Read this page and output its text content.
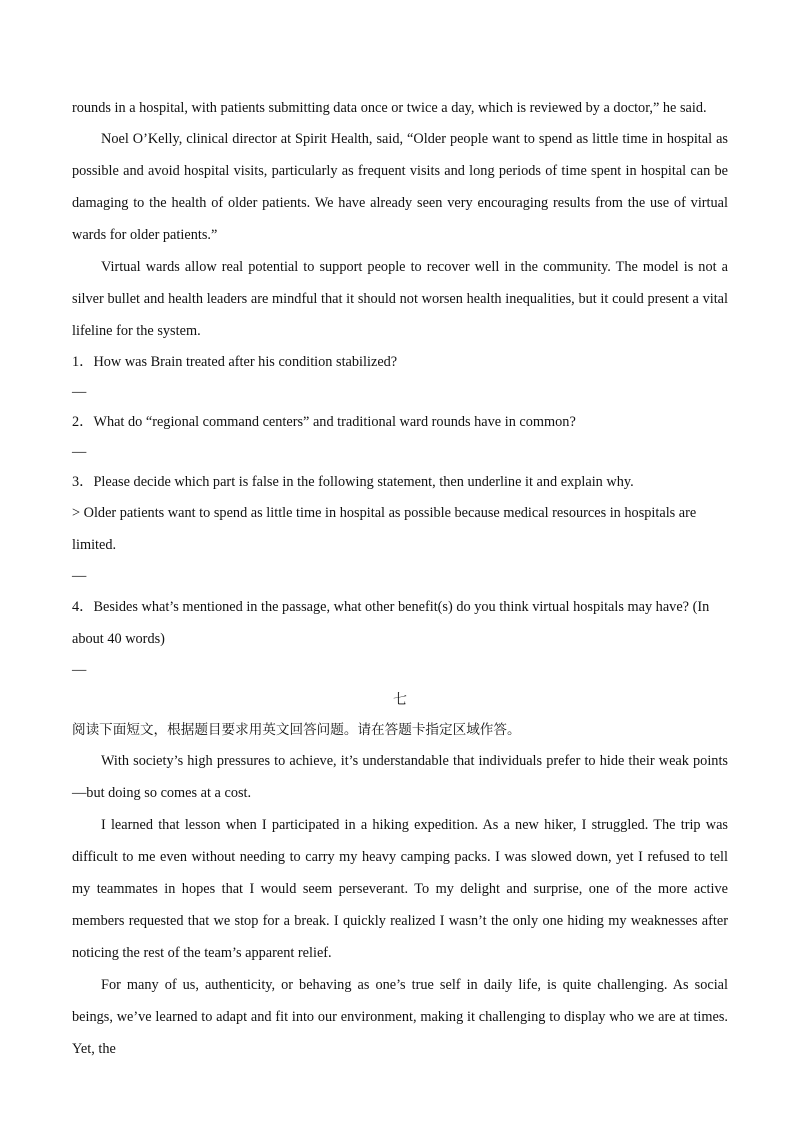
rounds in a hospital, with patients submitting data once or twice a day, which is reviewed by a doctor,” he said.

Noel O’Kelly, clinical director at Spirit Health, said, “Older people want to spend as little time in hospital as possible and avoid hospital visits, particularly as frequent visits and long periods of time spent in hospital can be damaging to the health of older patients. We have already seen very encouraging results from the use of virtual wards for older patients.”

Virtual wards allow real potential to support people to recover well in the community. The model is not a silver bullet and health leaders are mindful that it should not worsen health inequalities, but it could present a vital lifeline for the system.

1．How was Brain treated after his condition stabilized?

—

2．What do “regional command centers” and traditional ward rounds have in common?

—

3．Please decide which part is false in the following statement, then underline it and explain why.

> Older patients want to spend as little time in hospital as possible because medical resources in hospitals are limited.

—

4．Besides what’s mentioned in the passage, what other benefit(s) do you think virtual hospitals may have? (In about 40 words)

—

七

阅读下面短文，根据题目要求用英文回答问题。请在答题卡指定区域作答。

With society’s high pressures to achieve, it’s understandable that individuals prefer to hide their weak points—but doing so comes at a cost.

I learned that lesson when I participated in a hiking expedition. As a new hiker, I struggled. The trip was difficult to me even without needing to carry my heavy camping packs. I was slowed down, yet I refused to tell my teammates in hopes that I would seem perseverant. To my delight and surprise, one of the more active members requested that we stop for a break. I quickly realized I wasn’t the only one hiding my weaknesses after noticing the rest of the team’s apparent relief.

For many of us, authenticity, or behaving as one’s true self in daily life, is quite challenging. As social beings, we’ve learned to adapt and fit into our environment, making it challenging to display who we are at times. Yet, the
